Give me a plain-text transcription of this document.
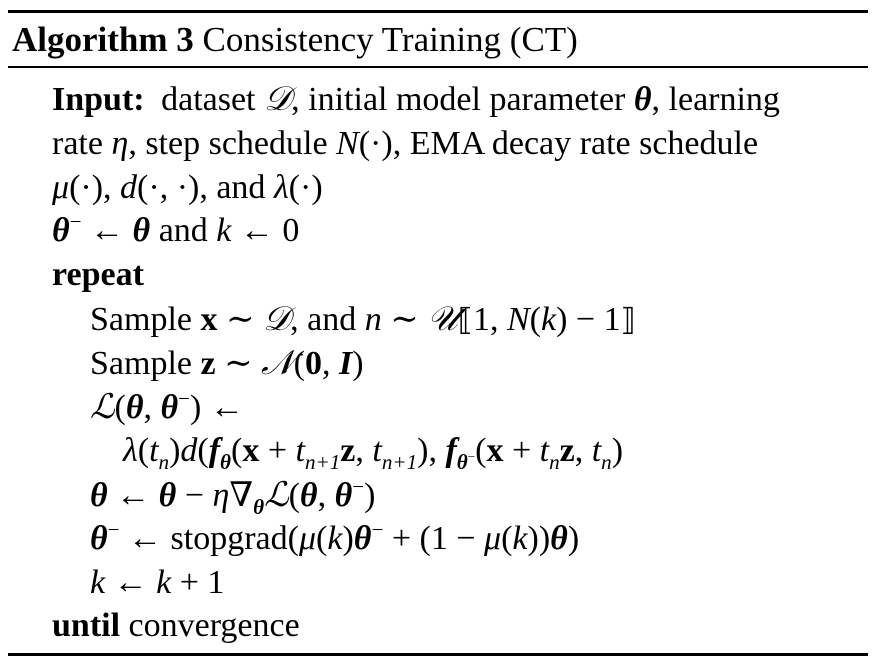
Algorithm 3 Consistency Training (CT)
Input: dataset 𝒟, initial model parameter θ, learning
rate η, step schedule N(·), EMA decay rate schedule
μ(·), d(·, ·), and λ(·)
θ− ← θ and k ← 0
repeat
Sample x ∼ 𝒟, and n ∼ 𝒰⟦1, N(k) − 1⟧
Sample z ∼ 𝒩(0, I)
ℒ(θ, θ−) ←
$\lambda(t_n)d(f_\theta(x + t_{n+1}z$, $t_{n+1}$), $f_{\theta^-}(x + t_nz$, $t_n$)
θ ← $\theta - \eta\nabla_\theta ℒ(\theta$, θ−)
θ− ← stopgrad(μ(k)θ− + (1 − μ(k))θ)
k ← k + 1
until convergence
